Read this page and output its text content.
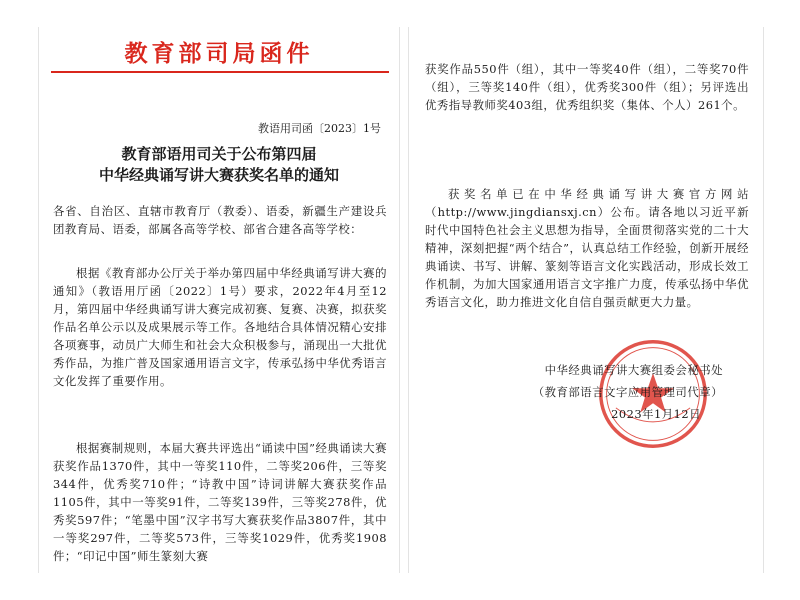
教育部司局函件
教语用司函〔2023〕1号
教育部语用司关于公布第四届
中华经典诵写讲大赛获奖名单的通知

各省、自治区、直辖市教育厅（教委）、语委，新疆生产建设兵团教育局、语委，部属各高等学校、部省合建各高等学校：

根据《教育部办公厅关于举办第四届中华经典诵写讲大赛的通知》（教语用厅函〔2022〕1号）要求，2022年4月至12月，第四届中华经典诵写讲大赛完成初赛、复赛、决赛，拟获奖作品名单公示以及成果展示等工作。各地结合具体情况精心安排各项赛事，动员广大师生和社会大众积极参与，涌现出一大批优秀作品，为推广普及国家通用语言文字，传承弘扬中华优秀语言文化发挥了重要作用。

根据赛制规则，本届大赛共评选出“诵读中国”经典诵读大赛获奖作品1370件，其中一等奖110件，二等奖206件，三等奖344件，优秀奖710件；“诗教中国”诗词讲解大赛获奖作品1105件，其中一等奖91件，二等奖139件，三等奖278件，优秀奖597件；“笔墨中国”汉字书写大赛获奖作品3807件，其中一等奖297件，二等奖573件，三等奖1029件，优秀奖1908件；“印记中国”师生篆刻大赛

获奖作品550件（组），其中一等奖40件（组），二等奖70件（组），三等奖140件（组），优秀奖300件（组）；另评选出优秀指导教师奖403组，优秀组织奖（集体、个人）261个。

获奖名单已在中华经典诵写讲大赛官方网站（http://www.jingdiansxj.cn）公布。请各地以习近平新时代中国特色社会主义思想为指导，全面贯彻落实党的二十大精神，深刻把握“两个结合”，认真总结工作经验，创新开展经典诵读、书写、讲解、篆刻等语言文化实践活动，形成长效工作机制，为加大国家通用语言文字推广力度，传承弘扬中华优秀语言文化，助力推进文化自信自强贡献更大力量。

中华经典诵写讲大赛组委会秘书处
（教育部语言文字应用管理司代章）
2023年1月12日
